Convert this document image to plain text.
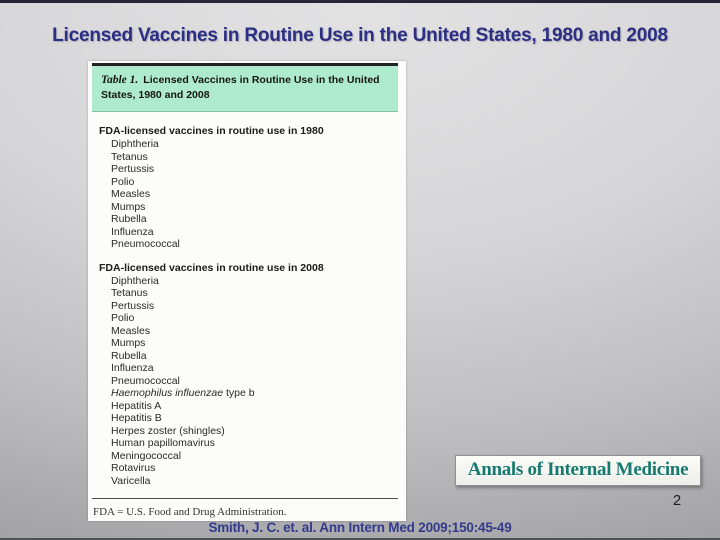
Licensed Vaccines in Routine Use in the United States, 1980 and 2008
Table 1. Licensed Vaccines in Routine Use in the United States, 1980 and 2008
FDA-licensed vaccines in routine use in 1980
Diphtheria
Tetanus
Pertussis
Polio
Measles
Mumps
Rubella
Influenza
Pneumococcal
FDA-licensed vaccines in routine use in 2008
Diphtheria
Tetanus
Pertussis
Polio
Measles
Mumps
Rubella
Influenza
Pneumococcal
Haemophilus influenzae type b
Hepatitis A
Hepatitis B
Herpes zoster (shingles)
Human papillomavirus
Meningococcal
Rotavirus
Varicella
FDA = U.S. Food and Drug Administration.
Annals of Internal Medicine
2
Smith, J. C. et. al. Ann Intern Med 2009;150:45-49
